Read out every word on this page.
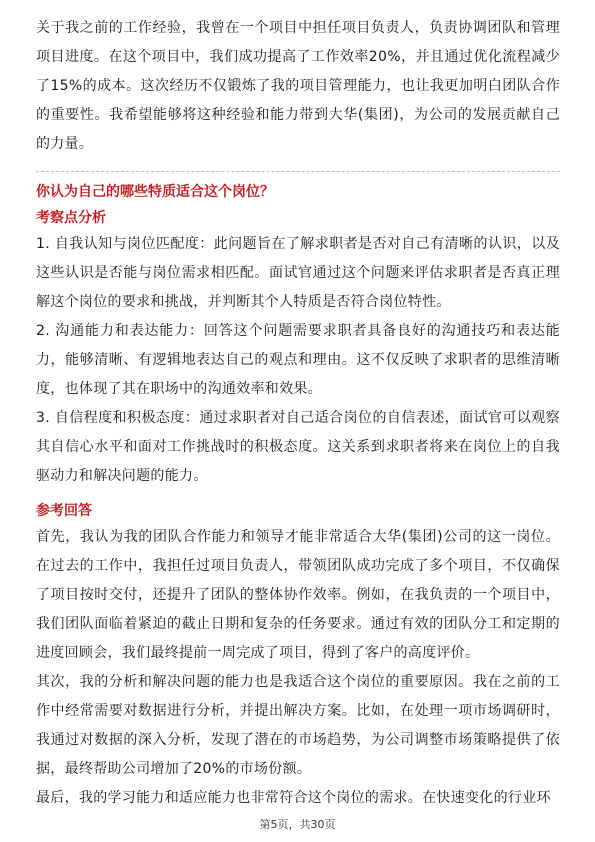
关于我之前的工作经验，我曾在一个项目中担任项目负责人，负责协调团队和管理项目进度。在这个项目中，我们成功提高了工作效率20%，并且通过优化流程减少了15%的成本。这次经历不仅锻炼了我的项目管理能力，也让我更加明白团队合作的重要性。我希望能够将这种经验和能力带到大华(集团)，为公司的发展贡献自己的力量。

你认为自己的哪些特质适合这个岗位？

考察点分析

1. 自我认知与岗位匹配度：此问题旨在了解求职者是否对自己有清晰的认识，以及这些认识是否能与岗位需求相匹配。面试官通过这个问题来评估求职者是否真正理解这个岗位的要求和挑战，并判断其个人特质是否符合岗位特性。

2. 沟通能力和表达能力：回答这个问题需要求职者具备良好的沟通技巧和表达能力，能够清晰、有逻辑地表达自己的观点和理由。这不仅反映了求职者的思维清晰度，也体现了其在职场中的沟通效率和效果。

3. 自信程度和积极态度：通过求职者对自己适合岗位的自信表述，面试官可以观察其自信心水平和面对工作挑战时的积极态度。这关系到求职者将来在岗位上的自我驱动力和解决问题的能力。

参考回答

首先，我认为我的团队合作能力和领导才能非常适合大华(集团)公司的这一岗位。在过去的工作中，我担任过项目负责人，带领团队成功完成了多个项目，不仅确保了项目按时交付，还提升了团队的整体协作效率。例如，在我负责的一个项目中，我们团队面临着紧迫的截止日期和复杂的任务要求。通过有效的团队分工和定期的进度回顾会，我们最终提前一周完成了项目，得到了客户的高度评价。

其次，我的分析和解决问题的能力也是我适合这个岗位的重要原因。我在之前的工作中经常需要对数据进行分析，并提出解决方案。比如，在处理一项市场调研时，我通过对数据的深入分析，发现了潜在的市场趋势，为公司调整市场策略提供了依据，最终帮助公司增加了20%的市场份额。

最后，我的学习能力和适应能力也非常符合这个岗位的需求。在快速变化的行业环

第5页，共30页
